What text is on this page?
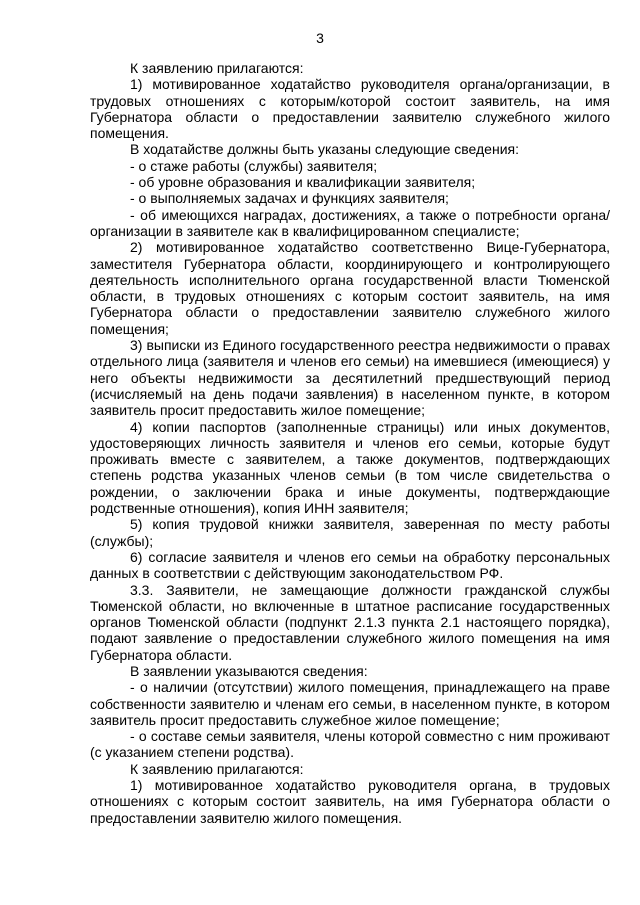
3

К заявлению прилагаются:

1) мотивированное ходатайство руководителя органа/организации, в трудовых отношениях с которым/которой состоит заявитель, на имя Губернатора области о предоставлении заявителю служебного жилого помещения.

В ходатайстве должны быть указаны следующие сведения:

- о стаже работы (службы) заявителя;

- об уровне образования и квалификации заявителя;

- о выполняемых задачах и функциях заявителя;

- об имеющихся наградах, достижениях, а также о потребности органа/организации в заявителе как в квалифицированном специалисте;

2) мотивированное ходатайство соответственно Вице-Губернатора, заместителя Губернатора области, координирующего и контролирующего деятельность исполнительного органа государственной власти Тюменской области, в трудовых отношениях с которым состоит заявитель, на имя Губернатора области о предоставлении заявителю служебного жилого помещения;

3) выписки из Единого государственного реестра недвижимости о правах отдельного лица (заявителя и членов его семьи) на имевшиеся (имеющиеся) у него объекты недвижимости за десятилетний предшествующий период (исчисляемый на день подачи заявления) в населенном пункте, в котором заявитель просит предоставить жилое помещение;

4) копии паспортов (заполненные страницы) или иных документов, удостоверяющих личность заявителя и членов его семьи, которые будут проживать вместе с заявителем, а также документов, подтверждающих степень родства указанных членов семьи (в том числе свидетельства о рождении, о заключении брака и иные документы, подтверждающие родственные отношения), копия ИНН заявителя;

5) копия трудовой книжки заявителя, заверенная по месту работы (службы);

6) согласие заявителя и членов его семьи на обработку персональных данных в соответствии с действующим законодательством РФ.

3.3. Заявители, не замещающие должности гражданской службы Тюменской области, но включенные в штатное расписание государственных органов Тюменской области (подпункт 2.1.3 пункта 2.1 настоящего порядка), подают заявление о предоставлении служебного жилого помещения на имя Губернатора области.

В заявлении указываются сведения:

- о наличии (отсутствии) жилого помещения, принадлежащего на праве собственности заявителю и членам его семьи, в населенном пункте, в котором заявитель просит предоставить служебное жилое помещение;

- о составе семьи заявителя, члены которой совместно с ним проживают (с указанием степени родства).

К заявлению прилагаются:

1) мотивированное ходатайство руководителя органа, в трудовых отношениях с которым состоит заявитель, на имя Губернатора области о предоставлении заявителю жилого помещения.
